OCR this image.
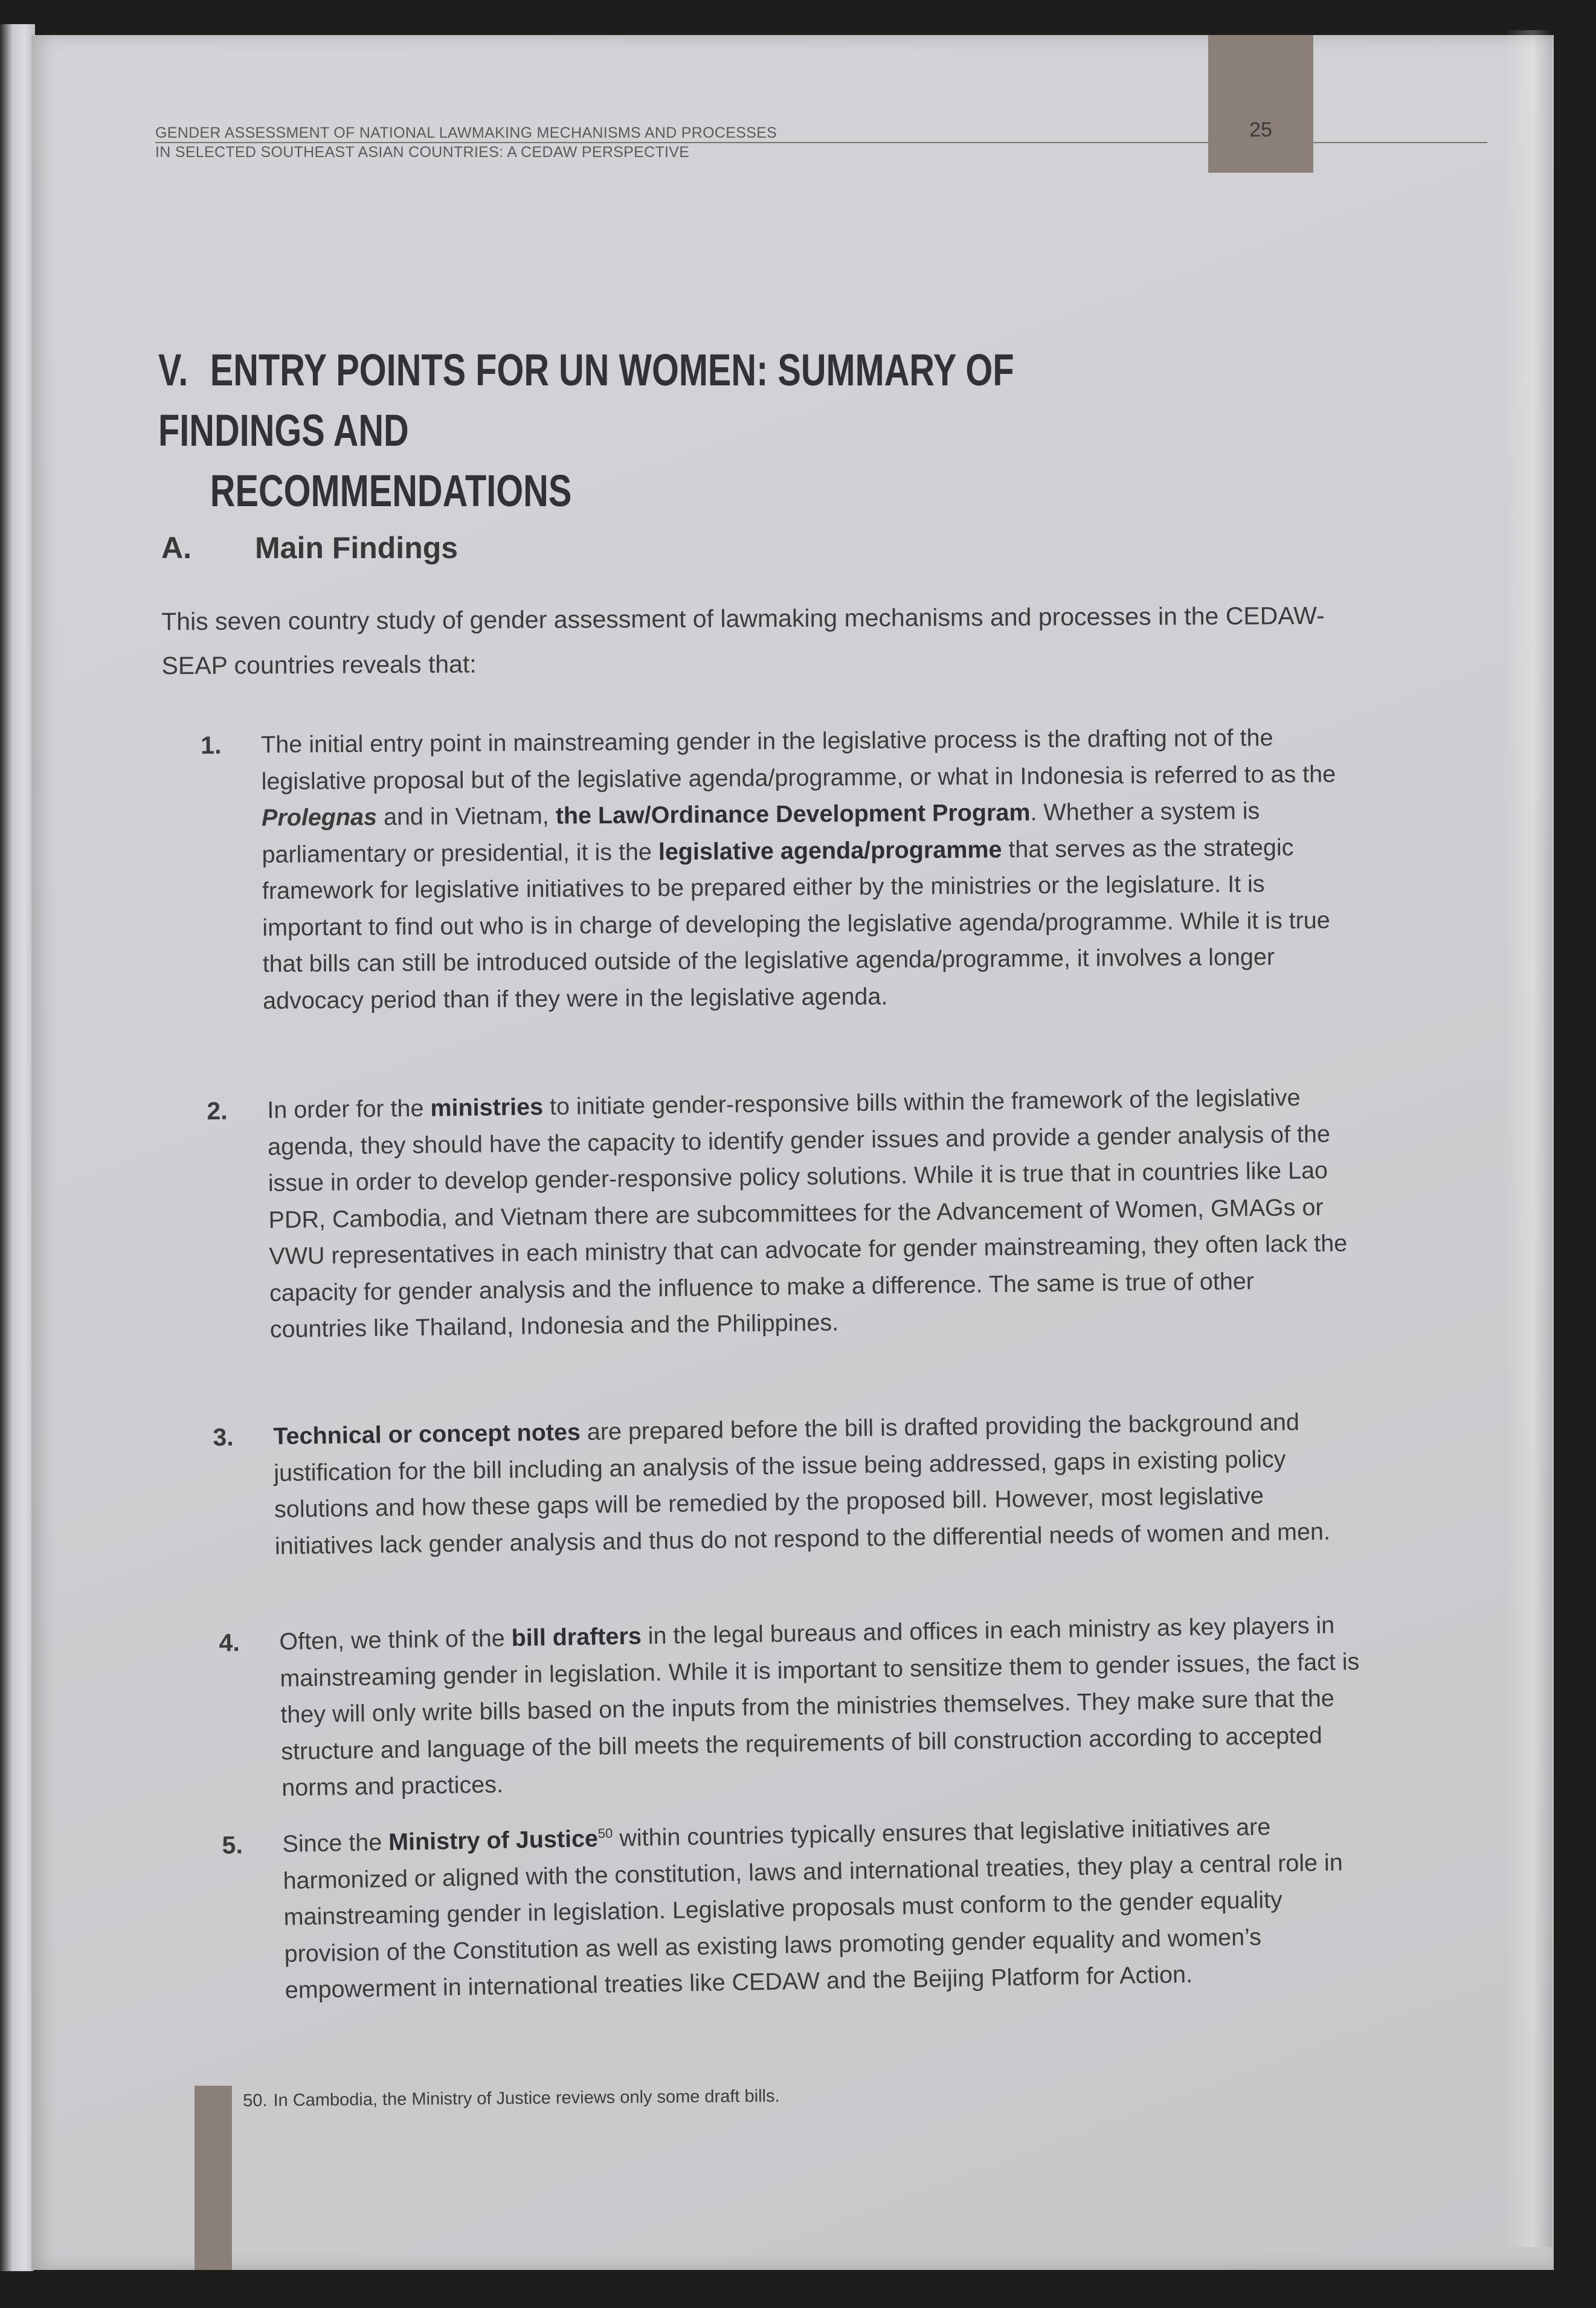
GENDER ASSESSMENT OF NATIONAL LAWMAKING MECHANISMS AND PROCESSES
IN SELECTED SOUTHEAST ASIAN COUNTRIES: A CEDAW PERSPECTIVE
25
V. ENTRY POINTS FOR UN WOMEN: SUMMARY OF FINDINGS AND
RECOMMENDATIONS
A. Main Findings
This seven country study of gender assessment of lawmaking mechanisms and processes in the CEDAW-SEAP countries reveals that:
1. The initial entry point in mainstreaming gender in the legislative process is the drafting not of the legislative proposal but of the legislative agenda/programme, or what in Indonesia is referred to as the Prolegnas and in Vietnam, the Law/Ordinance Development Program. Whether a system is parliamentary or presidential, it is the legislative agenda/programme that serves as the strategic framework for legislative initiatives to be prepared either by the ministries or the legislature. It is important to find out who is in charge of developing the legislative agenda/programme. While it is true that bills can still be introduced outside of the legislative agenda/programme, it involves a longer advocacy period than if they were in the legislative agenda.
2. In order for the ministries to initiate gender-responsive bills within the framework of the legislative agenda, they should have the capacity to identify gender issues and provide a gender analysis of the issue in order to develop gender-responsive policy solutions. While it is true that in countries like Lao PDR, Cambodia, and Vietnam there are subcommittees for the Advancement of Women, GMAGs or VWU representatives in each ministry that can advocate for gender mainstreaming, they often lack the capacity for gender analysis and the influence to make a difference. The same is true of other countries like Thailand, Indonesia and the Philippines.
3. Technical or concept notes are prepared before the bill is drafted providing the background and justification for the bill including an analysis of the issue being addressed, gaps in existing policy solutions and how these gaps will be remedied by the proposed bill. However, most legislative initiatives lack gender analysis and thus do not respond to the differential needs of women and men.
4. Often, we think of the bill drafters in the legal bureaus and offices in each ministry as key players in mainstreaming gender in legislation. While it is important to sensitize them to gender issues, the fact is they will only write bills based on the inputs from the ministries themselves. They make sure that the structure and language of the bill meets the requirements of bill construction according to accepted norms and practices.
5. Since the Ministry of Justice$^{50}$ within countries typically ensures that legislative initiatives are harmonized or aligned with the constitution, laws and international treaties, they play a central role in mainstreaming gender in legislation. Legislative proposals must conform to the gender equality provision of the Constitution as well as existing laws promoting gender equality and women’s empowerment in international treaties like CEDAW and the Beijing Platform for Action.
50. In Cambodia, the Ministry of Justice reviews only some draft bills.
